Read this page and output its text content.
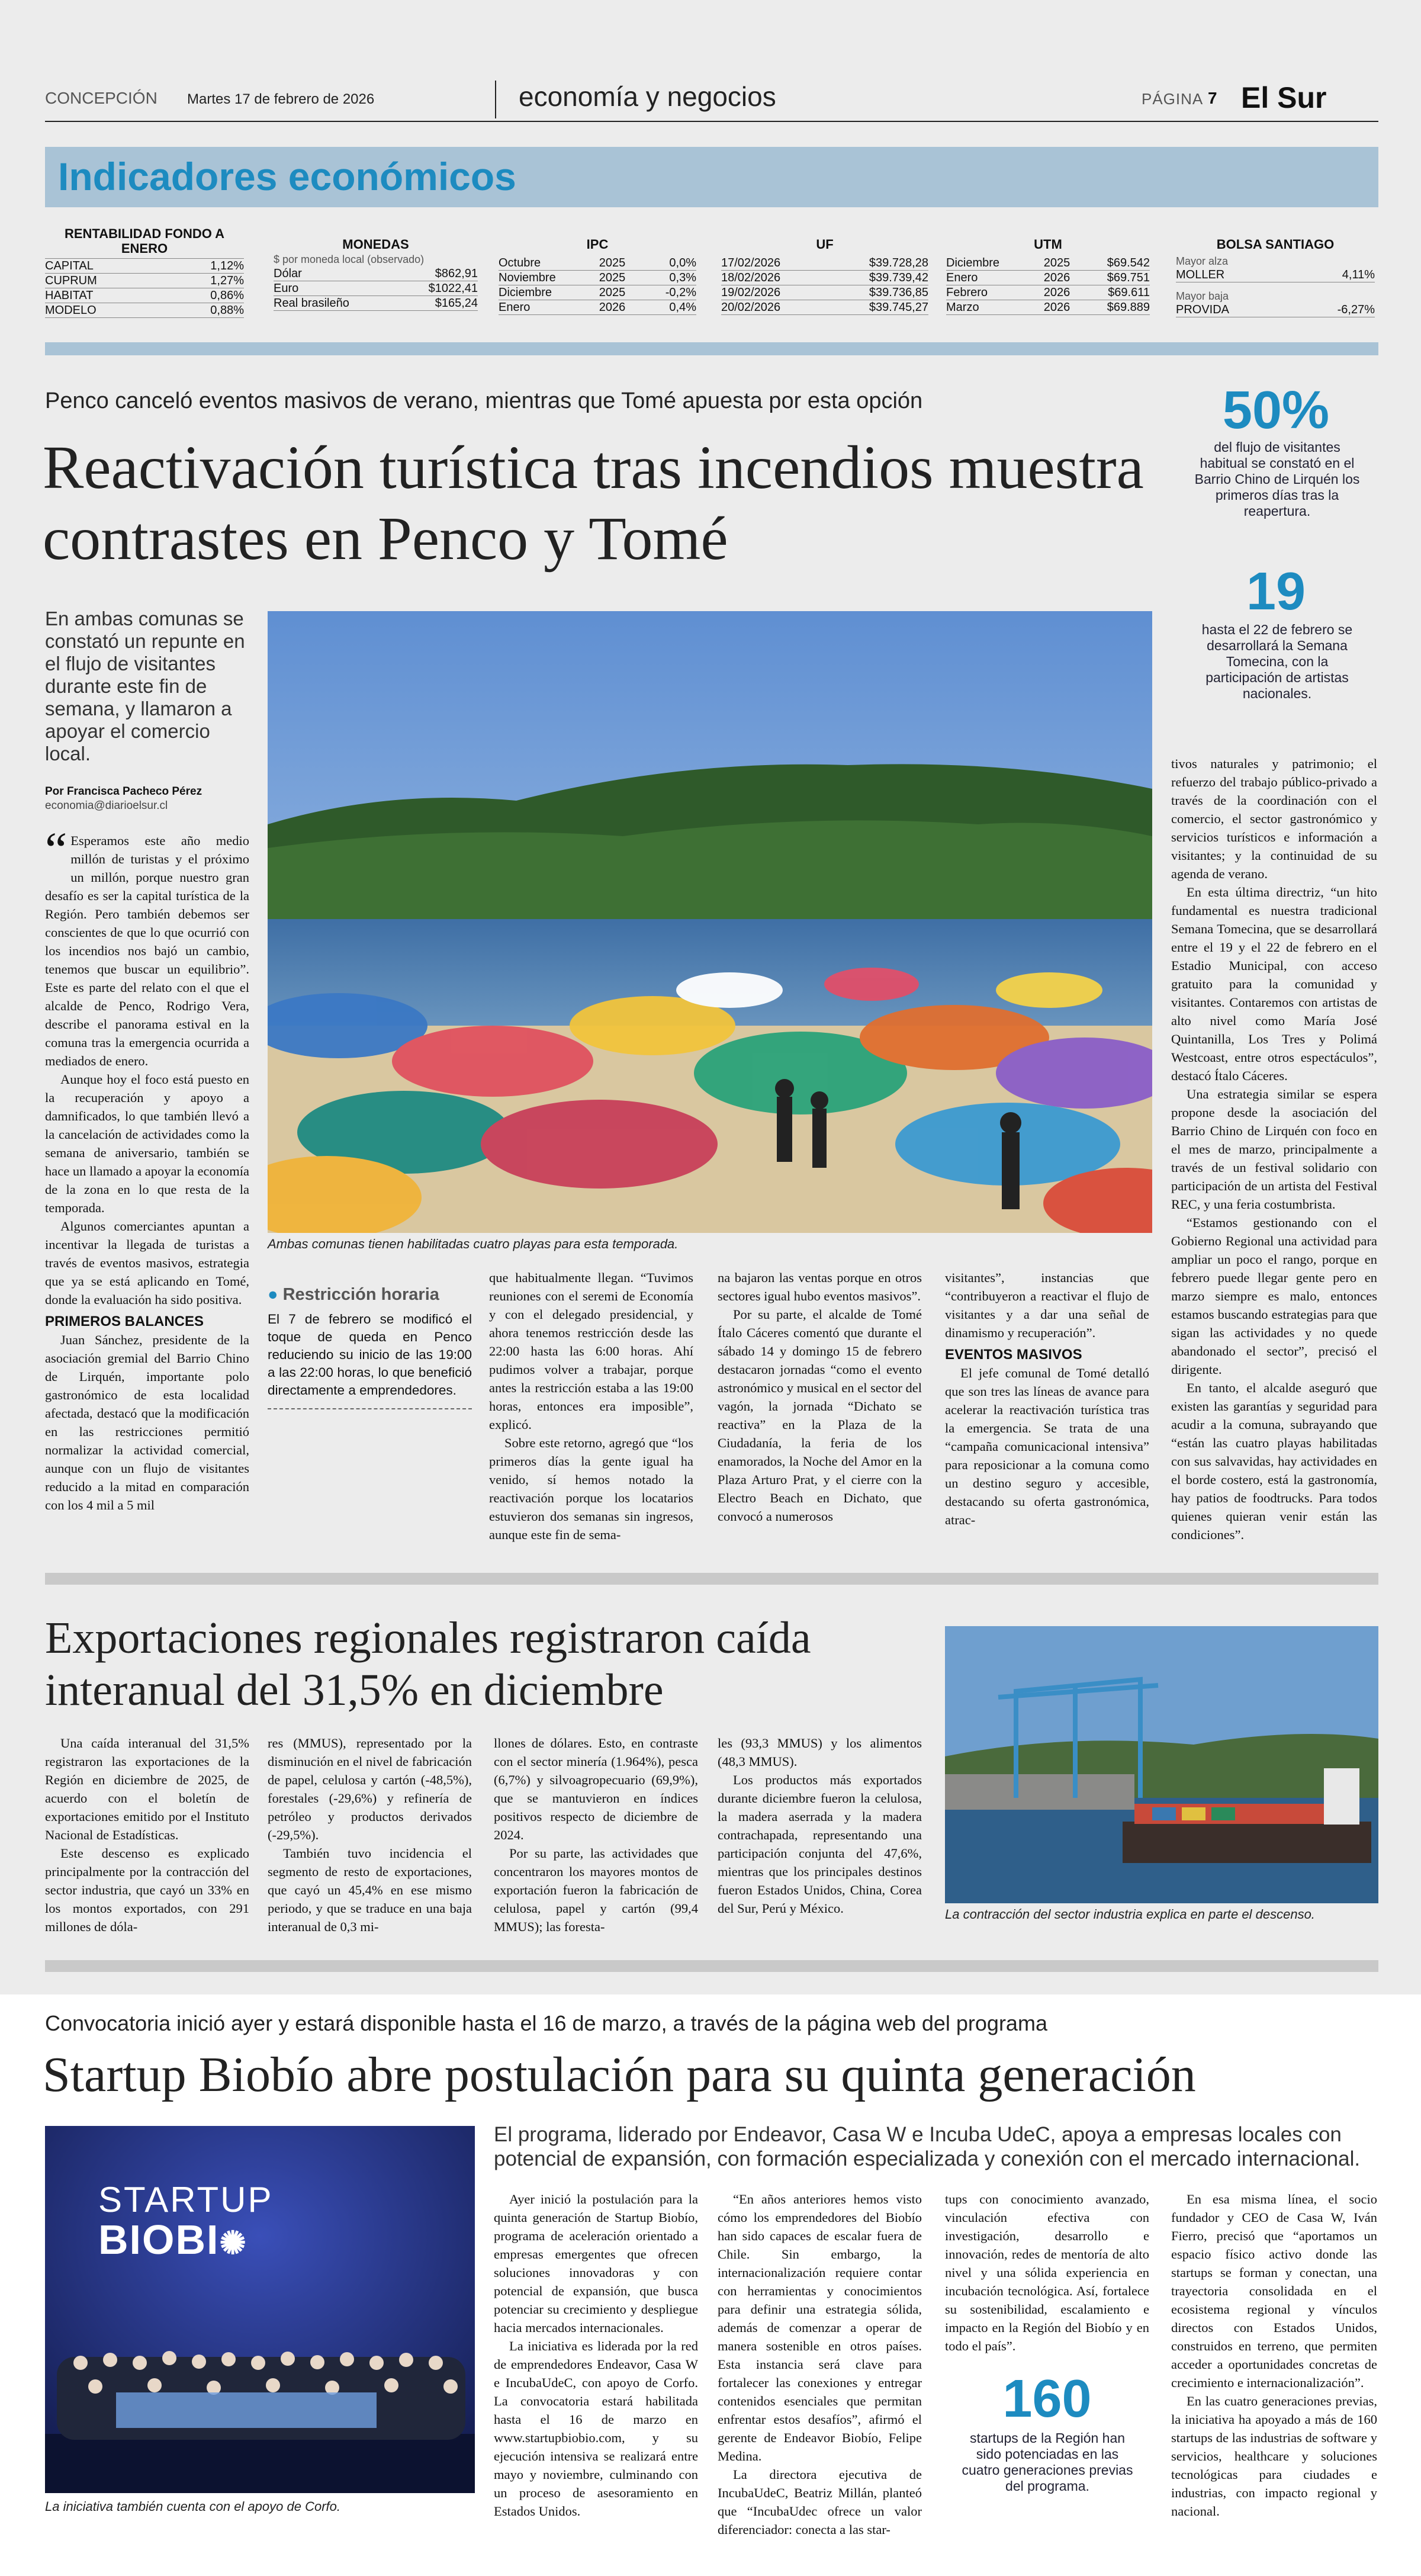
CONCEPCIÓN Martes 17 de febrero de 2026	economía y negocios	PÁGINA 7 El Sur
Indicadores económicos
RENTABILIDAD FONDO A ENERO
CAPITAL	1,12%
CUPRUM	1,27%
HABITAT	0,86%
MODELO	0,88%
MONEDAS
$ por moneda local (observado)
Dólar	$862,91
Euro	$1022,41
Real brasileño	$165,24
IPC
Octubre	2025	0,0%
Noviembre	2025	0,3%
Diciembre	2025	-0,2%
Enero	2026	0,4%
UF
17/02/2026	$39.728,28
18/02/2026	$39.739,42
19/02/2026	$39.736,85
20/02/2026	$39.745,27
UTM
Diciembre	2025	$69.542
Enero	2026	$69.751
Febrero	2026	$69.611
Marzo	2026	$69.889
BOLSA SANTIAGO
Mayor alza
MOLLER	4,11%
Mayor baja
PROVIDA	-6,27%
Penco canceló eventos masivos de verano, mientras que Tomé apuesta por esta opción
Reactivación turística tras incendios muestra contrastes en Penco y Tomé
50%
del flujo de visitantes habitual se constató en el Barrio Chino de Lirquén los primeros días tras la reapertura.
19
hasta el 22 de febrero se desarrollará la Semana Tomecina, con la participación de artistas nacionales.
En ambas comunas se constató un repunte en el flujo de visitantes durante este fin de semana, y llamaron a apoyar el comercio local.
Por Francisca Pacheco Pérez
economia@diarioelsur.cl
Ambas comunas tienen habilitadas cuatro playas para esta temporada.

“ Esperamos este año medio millón de turistas y el próximo un millón, porque nuestro gran desafío es ser la capital turística de la Región. Pero también debemos ser conscientes de que lo que ocurrió con los incendios nos bajó un cambio, tenemos que buscar un equilibrio”. Este es parte del relato con el que el alcalde de Penco, Rodrigo Vera, describe el panorama estival en la comuna tras la emergencia ocurrida a mediados de enero.

Aunque hoy el foco está puesto en la recuperación y apoyo a damnificados, lo que también llevó a la cancelación de actividades como la semana de aniversario, también se hace un llamado a apoyar la economía de la zona en lo que resta de la temporada.

Algunos comerciantes apuntan a incentivar la llegada de turistas a través de eventos masivos, estrategia que ya se está aplicando en Tomé, donde la evaluación ha sido positiva.

PRIMEROS BALANCES

Juan Sánchez, presidente de la asociación gremial del Barrio Chino de Lirquén, importante polo gastronómico de esta localidad afectada, destacó que la modificación en las restricciones permitió normalizar la actividad comercial, aunque con un flujo de visitantes reducido a la mitad en comparación con los 4 mil a 5 mil

● Restricción horaria
El 7 de febrero se modificó el toque de queda en Penco reduciendo su inicio de las 19:00 a las 22:00 horas, lo que benefició directamente a emprendedores.

que habitualmente llegan. “Tuvimos reuniones con el seremi de Economía y con el delegado presidencial, y ahora tenemos restricción desde las 22:00 hasta las 6:00 horas. Ahí pudimos volver a trabajar, porque antes la restricción estaba a las 19:00 horas, entonces era imposible”, explicó.

Sobre este retorno, agregó que “los primeros días la gente igual ha venido, sí hemos notado la reactivación porque los locatarios estuvieron dos semanas sin ingresos, aunque este fin de sema-

na bajaron las ventas porque en otros sectores igual hubo eventos masivos”.

Por su parte, el alcalde de Tomé Ítalo Cáceres comentó que durante el sábado 14 y domingo 15 de febrero destacaron jornadas “como el evento astronómico y musical en el sector del vagón, la jornada “Dichato se reactiva” en la Plaza de la Ciudadanía, la feria de los enamorados, la Noche del Amor en la Plaza Arturo Prat, y el cierre con la Electro Beach en Dichato, que convocó a numerosos

visitantes”, instancias que “contribuyeron a reactivar el flujo de visitantes y a dar una señal de dinamismo y recuperación”.

EVENTOS MASIVOS

El jefe comunal de Tomé detalló que son tres las líneas de avance para acelerar la reactivación turística tras la emergencia. Se trata de una “campaña comunicacional intensiva” para reposicionar a la comuna como un destino seguro y accesible, destacando su oferta gastronómica, atrac-

tivos naturales y patrimonio; el refuerzo del trabajo público-privado a través de la coordinación con el comercio, el sector gastronómico y servicios turísticos e información a visitantes; y la continuidad de su agenda de verano.

En esta última directriz, “un hito fundamental es nuestra tradicional Semana Tomecina, que se desarrollará entre el 19 y el 22 de febrero en el Estadio Municipal, con acceso gratuito para la comunidad y visitantes. Contaremos con artistas de alto nivel como María José Quintanilla, Los Tres y Polimá Westcoast, entre otros espectáculos”, destacó Ítalo Cáceres.

Una estrategia similar se espera propone desde la asociación del Barrio Chino de Lirquén con foco en el mes de marzo, principalmente a través de un festival solidario con participación de un artista del Festival REC, y una feria costumbrista.

“Estamos gestionando con el Gobierno Regional una actividad para ampliar un poco el rango, porque en febrero puede llegar gente pero en marzo siempre es malo, entonces estamos buscando estrategias para que sigan las actividades y no quede abandonado el sector”, precisó el dirigente.

En tanto, el alcalde aseguró que existen las garantías y seguridad para acudir a la comuna, subrayando que “están las cuatro playas habilitadas con sus salvavidas, hay actividades en el borde costero, está la gastronomía, hay patios de foodtrucks. Para todos quienes quieran venir están las condiciones”.

Exportaciones regionales registraron caída interanual del 31,5% en diciembre
La contracción del sector industria explica en parte el descenso.

Una caída interanual del 31,5% registraron las exportaciones de la Región en diciembre de 2025, de acuerdo con el boletín de exportaciones emitido por el Instituto Nacional de Estadísticas.

Este descenso es explicado principalmente por la contracción del sector industria, que cayó un 33% en los montos exportados, con 291 millones de dóla-

res (MMUS), representado por la disminución en el nivel de fabricación de papel, celulosa y cartón (-48,5%), forestales (-29,6%) y refinería de petróleo y productos derivados (-29,5%).

También tuvo incidencia el segmento de resto de exportaciones, que cayó un 45,4% en ese mismo periodo, y que se traduce en una baja interanual de 0,3 mi-

llones de dólares. Esto, en contraste con el sector minería (1.964%), pesca (6,7%) y silvoagropecuario (69,9%), que se mantuvieron en índices positivos respecto de diciembre de 2024.

Por su parte, las actividades que concentraron los mayores montos de exportación fueron la fabricación de celulosa, papel y cartón (99,4 MMUS); las foresta-

les (93,3 MMUS) y los alimentos (48,3 MMUS).

Los productos más exportados durante diciembre fueron la celulosa, la madera aserrada y la madera contrachapada, representando una participación conjunta del 47,6%, mientras que los principales destinos fueron Estados Unidos, China, Corea del Sur, Perú y México.

Convocatoria inició ayer y estará disponible hasta el 16 de marzo, a través de la página web del programa
Startup Biobío abre postulación para su quinta generación
El programa, liderado por Endeavor, Casa W e Incuba UdeC, apoya a empresas locales con potencial de expansión, con formación especializada y conexión con el mercado internacional.
STARTUP
BIOBI✺
La iniciativa también cuenta con el apoyo de Corfo.

Ayer inició la postulación para la quinta generación de Startup Biobío, programa de aceleración orientado a empresas emergentes que ofrecen soluciones innovadoras y con potencial de expansión, que busca potenciar su crecimiento y despliegue hacia mercados internacionales.

La iniciativa es liderada por la red de emprendedores Endeavor, Casa W e IncubaUdeC, con apoyo de Corfo. La convocatoria estará habilitada hasta el 16 de marzo en www.startupbiobio.com, y su ejecución intensiva se realizará entre mayo y noviembre, culminando con un proceso de asesoramiento en Estados Unidos.

“En años anteriores hemos visto cómo los emprendedores del Biobío han sido capaces de escalar fuera de Chile. Sin embargo, la internacionalización requiere contar con herramientas y conocimientos para definir una estrategia sólida, además de comenzar a operar de manera sostenible en otros países. Esta instancia será clave para fortalecer las conexiones y entregar contenidos esenciales que permitan enfrentar estos desafíos”, afirmó el gerente de Endeavor Biobío, Felipe Medina.

La directora ejecutiva de IncubaUdeC, Beatriz Millán, planteó que “IncubaUdec ofrece un valor diferenciador: conecta a las star-

tups con conocimiento avanzado, vinculación efectiva con investigación, desarrollo e innovación, redes de mentoría de alto nivel y una sólida experiencia en incubación tecnológica. Así, fortalece su sostenibilidad, escalamiento e impacto en la Región del Biobío y en todo el país”.

160
startups de la Región han sido potenciadas en las cuatro generaciones previas del programa.

En esa misma línea, el socio fundador y CEO de Casa W, Iván Fierro, precisó que “aportamos un espacio físico activo donde las startups se forman y conectan, una trayectoria consolidada en el ecosistema regional y vínculos directos con Estados Unidos, construidos en terreno, que permiten acceder a oportunidades concretas de crecimiento e internacionalización”.

En las cuatro generaciones previas, la iniciativa ha apoyado a más de 160 startups de las industrias de software y servicios, healthcare y soluciones tecnológicas para ciudades e industrias, con impacto regional y nacional.
